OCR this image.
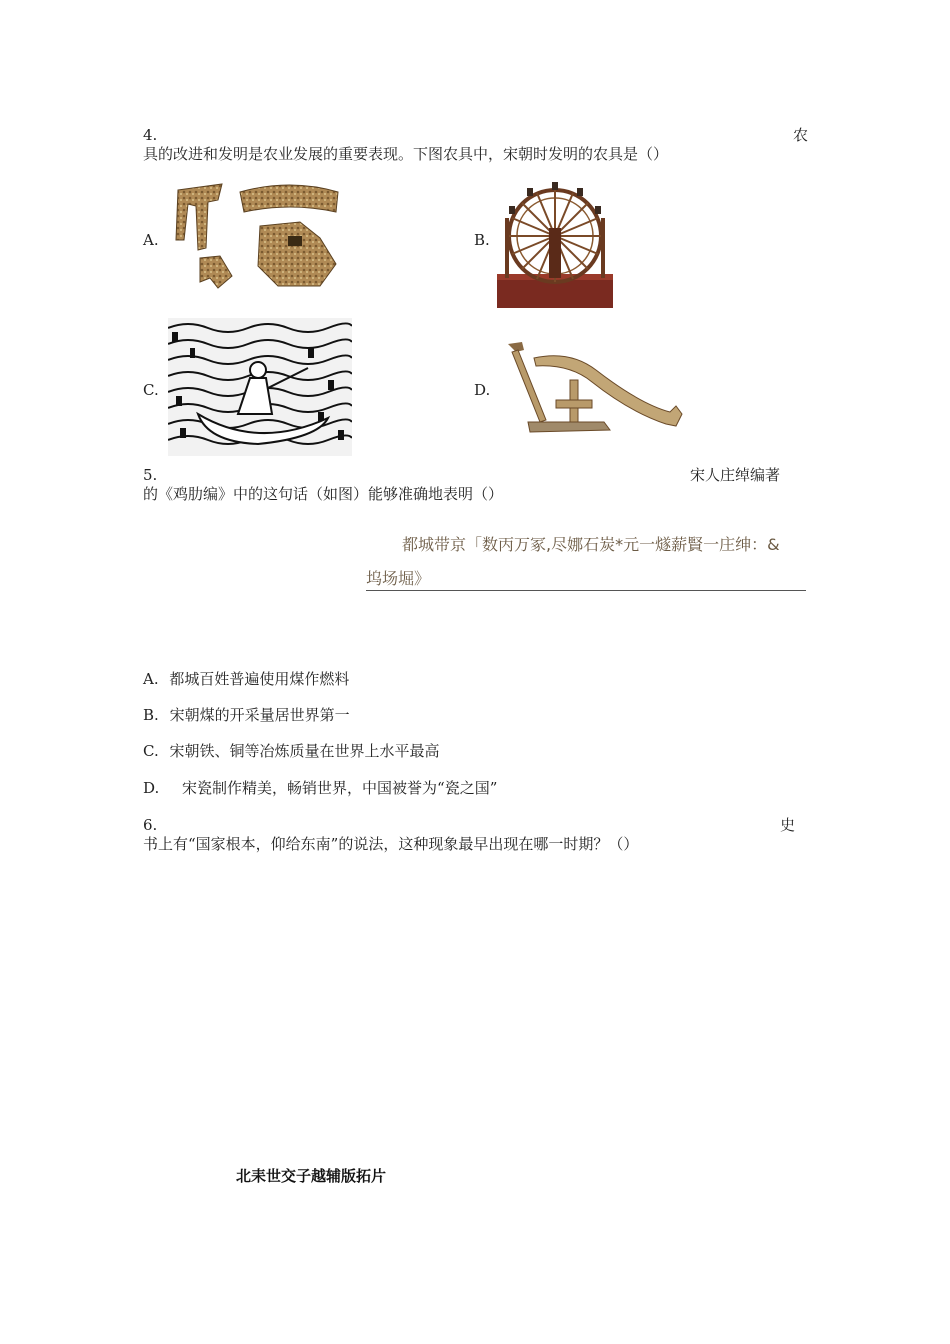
4.	农
具的改进和发明是农业发展的重要表现。下图农具中，宋朝时发明的农具是（）
A.	B.
C.	D.
5.	宋人庄绰编著
的《鸡肋编》中的这句话（如图）能够准确地表明（）
都城带京「数丙万冢,尽娜石炭*元一燧薪賢一庄绅：&
坞场堀》
A. 都城百姓普遍使用煤作燃料
B. 宋朝煤的开采量居世界第一
C. 宋朝铁、铜等冶炼质量在世界上水平最高
D. 宋瓷制作精美，畅销世界，中国被誉为“瓷之国”
6.	史
书上有“国家根本，仰给东南”的说法，这种现象最早出现在哪一时期？（）
北耒世交子越辅版拓片
